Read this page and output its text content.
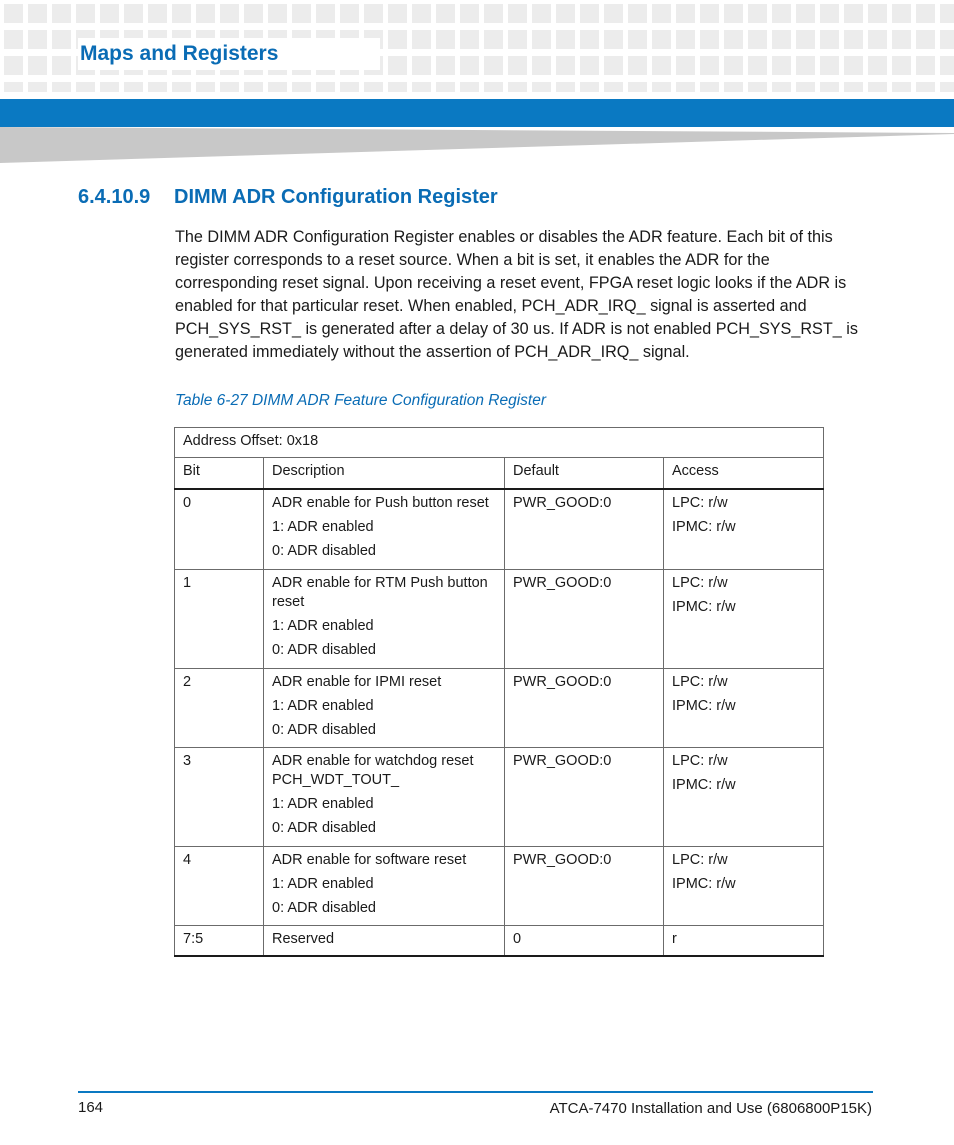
Maps and Registers
6.4.10.9 DIMM ADR Configuration Register
The DIMM ADR Configuration Register enables or disables the ADR feature. Each bit of this register corresponds to a reset source. When a bit is set, it enables the ADR for the corresponding reset signal. Upon receiving a reset event, FPGA reset logic looks if the ADR is enabled for that particular reset. When enabled, PCH_ADR_IRQ_ signal is asserted and PCH_SYS_RST_ is generated after a delay of 30 us. If ADR is not enabled PCH_SYS_RST_ is generated immediately without the assertion of PCH_ADR_IRQ_ signal.
Table 6-27 DIMM ADR Feature Configuration Register
Address Offset: 0x18			
Bit	Description	Default	Access
0	ADR enable for Push button reset
1: ADR enabled
0: ADR disabled	PWR_GOOD:0	LPC: r/w
IPMC: r/w

1	ADR enable for RTM Push button reset
1: ADR enabled
0: ADR disabled	PWR_GOOD:0	LPC: r/w
IPMC: r/w

2	ADR enable for IPMI reset
1: ADR enabled
0: ADR disabled	PWR_GOOD:0	LPC: r/w
IPMC: r/w

3	ADR enable for watchdog reset PCH_WDT_TOUT_
1: ADR enabled
0: ADR disabled	PWR_GOOD:0	LPC: r/w
IPMC: r/w

4	ADR enable for software reset
1: ADR enabled
0: ADR disabled	PWR_GOOD:0	LPC: r/w
IPMC: r/w

7:5	Reserved	0	r
164	ATCA-7470 Installation and Use (6806800P15K)
